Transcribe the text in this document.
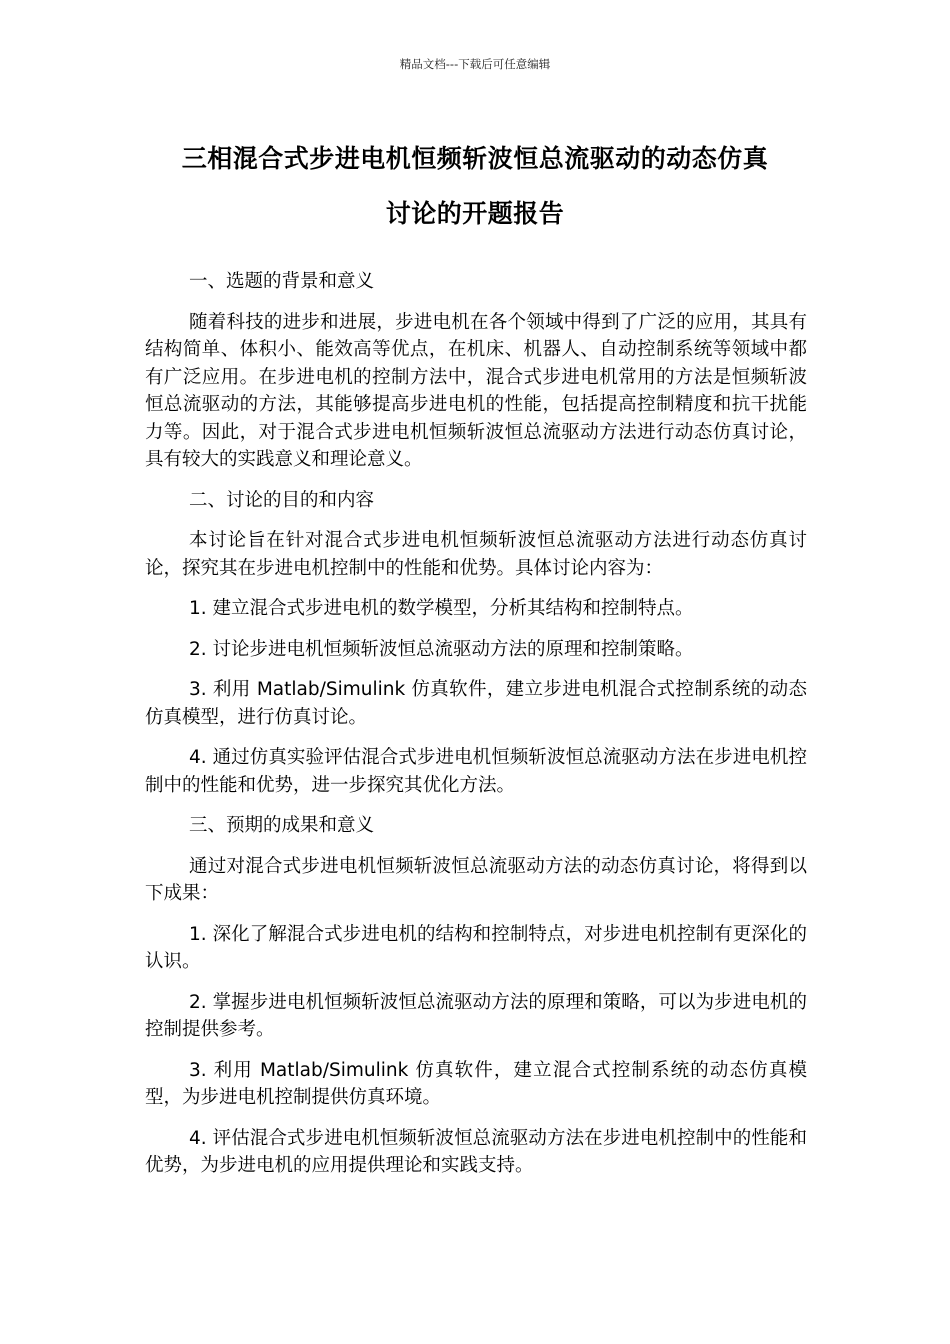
精品文档---下载后可任意编辑
三相混合式步进电机恒频斩波恒总流驱动的动态仿真
讨论的开题报告

一、选题的背景和意义

随着科技的进步和进展，步进电机在各个领域中得到了广泛的应用，其具有结构简单、体积小、能效高等优点，在机床、机器人、自动控制系统等领域中都有广泛应用。在步进电机的控制方法中，混合式步进电机常用的方法是恒频斩波恒总流驱动的方法，其能够提高步进电机的性能，包括提高控制精度和抗干扰能力等。因此，对于混合式步进电机恒频斩波恒总流驱动方法进行动态仿真讨论，具有较大的实践意义和理论意义。

二、讨论的目的和内容

本讨论旨在针对混合式步进电机恒频斩波恒总流驱动方法进行动态仿真讨论，探究其在步进电机控制中的性能和优势。具体讨论内容为：

1. 建立混合式步进电机的数学模型，分析其结构和控制特点。

2. 讨论步进电机恒频斩波恒总流驱动方法的原理和控制策略。

3. 利用 Matlab/Simulink 仿真软件，建立步进电机混合式控制系统的动态仿真模型，进行仿真讨论。

4. 通过仿真实验评估混合式步进电机恒频斩波恒总流驱动方法在步进电机控制中的性能和优势，进一步探究其优化方法。

三、预期的成果和意义

通过对混合式步进电机恒频斩波恒总流驱动方法的动态仿真讨论，将得到以下成果：

1. 深化了解混合式步进电机的结构和控制特点，对步进电机控制有更深化的认识。

2. 掌握步进电机恒频斩波恒总流驱动方法的原理和策略，可以为步进电机的控制提供参考。

3. 利用 Matlab/Simulink 仿真软件，建立混合式控制系统的动态仿真模型，为步进电机控制提供仿真环境。

4. 评估混合式步进电机恒频斩波恒总流驱动方法在步进电机控制中的性能和优势，为步进电机的应用提供理论和实践支持。
